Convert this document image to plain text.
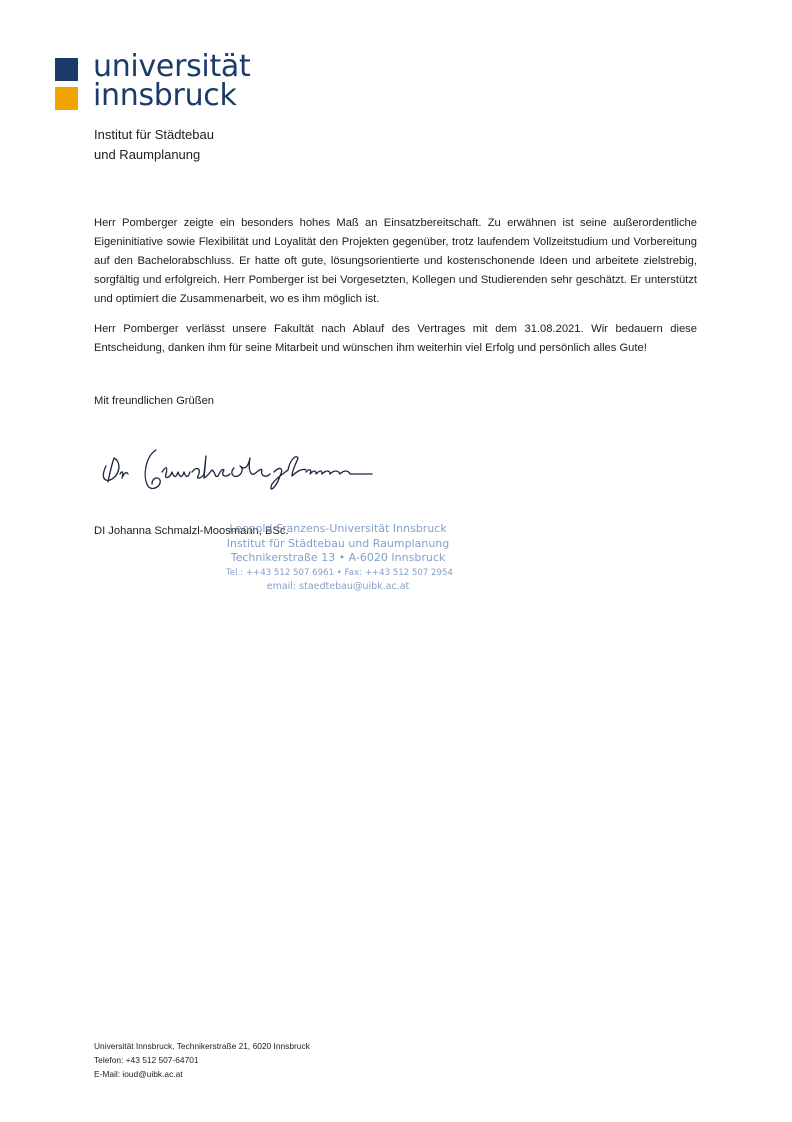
universität
innsbruck
Institut für Städtebau
und Raumplanung
Herr Pomberger zeigte ein besonders hohes Maß an Einsatzbereitschaft. Zu erwähnen ist seine außerordentliche Eigeninitiative sowie Flexibilität und Loyalität den Projekten gegenüber, trotz laufendem Vollzeitstudium und Vorbereitung auf den Bachelorabschluss. Er hatte oft gute, lösungsorientierte und kostenschonende Ideen und arbeitete zielstrebig, sorgfältig und erfolgreich. Herr Pomberger ist bei Vorgesetzten, Kollegen und Studierenden sehr geschätzt. Er unterstützt und optimiert die Zusammenarbeit, wo es ihm möglich ist.
Herr Pomberger verlässt unsere Fakultät nach Ablauf des Vertrages mit dem 31.08.2021. Wir bedauern diese Entscheidung, danken ihm für seine Mitarbeit und wünschen ihm weiterhin viel Erfolg und persönlich alles Gute!
Mit freundlichen Grüßen
DI Johanna Schmalzl-Moosmann, BSc.
Leopold-Franzens-Universität Innsbruck
Institut für Städtebau und Raumplanung
Technikerstraße 13 • A-6020 Innsbruck
Tel.: ++43 512 507 6961 • Fax: ++43 512 507 2954
email: staedtebau@uibk.ac.at
Universität Innsbruck, Technikerstraße 21, 6020 Innsbruck
Telefon: +43 512 507-64701
E-Mail: ioud@uibk.ac.at
